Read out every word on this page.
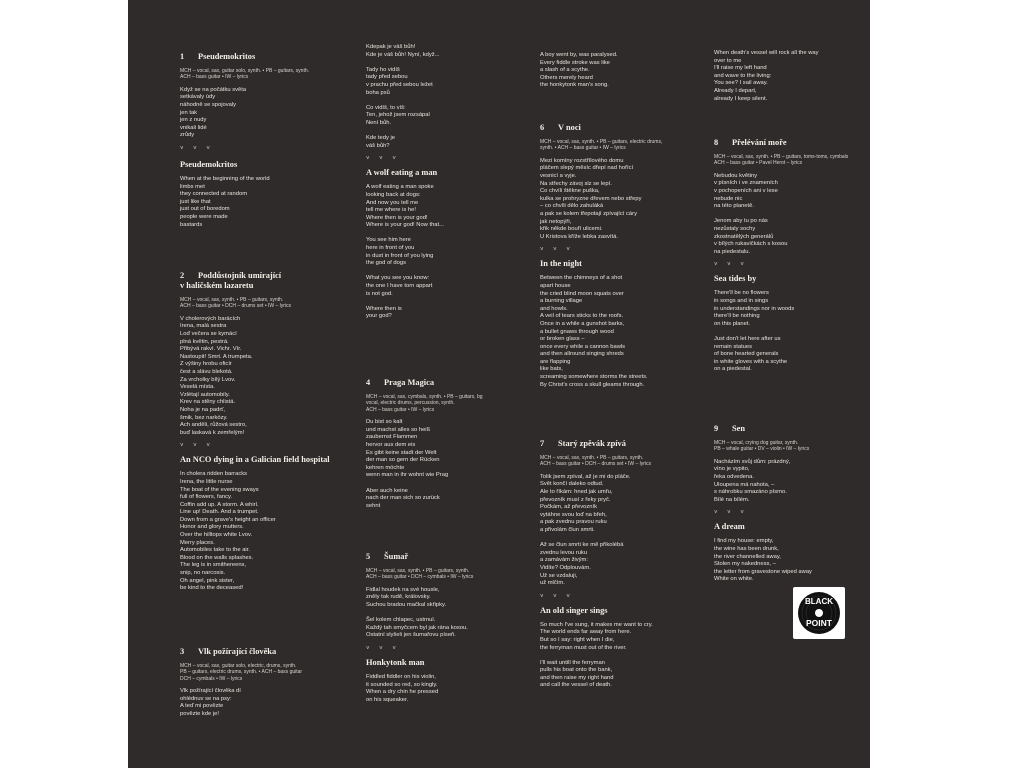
1 Pseudemokritos
MCH – vocal, sax, guitar solo, synth. • PB – guitars, synth.
ACH – bass guitar • IW – lyrics
Když se na počátku světa
setkávaly údy
náhodně se spojovaly
jen tak
jen z nudy
vnikali lidé
zrůdy
˅ ˅ ˅
Pseudemokritos
When at the beginning of the world
limbs met
they connected at random
just like that
just out of boredom
people were made
bastards
2 Poddůstojník umírající
v haličském lazaretu
MCH – vocal, sax, synth. • PB – guitars, synth.
ACH – bass guitar • DCH – drums set • IW – lyrics
V cholerových barácích
Irena, malá sestra
Loď večera se kymácí
plná květin, pestrá.
Přibývá rakví. Vichr. Vír.
Nastoupit! Smrt. A trumpeta.
Z výšiny hrobu oficír
čest a slávu blekotá.
Za vrcholky bílý Lvov.
Veselá místa.
Vzlétají automobily.
Krev na stěny chlistá.
Noha je na padrť,
šmik, bez narkózy.
Ach anděli, růžová sestro,
buď laskavá k zemřelým!
˅ ˅ ˅
An NCO dying in a Galician field hospital
In cholera ridden barracks
Irena, the little nurse
The boat of the evening sways
full of flowers, fancy.
Coffin add up. A storm. A whirl.
Line up! Death. And a trumpet.
Down from a grave's height an officer
Honor and glory mutters.
Over the hilltops white Lvov.
Merry places.
Automobiles take to the air.
Blood on the walls splashes.
The leg is in smithereens,
snip, no narcosis.
Oh angel, pink sister,
be kind to the deceased!
3 Vlk požírající člověka
MCH – vocal, sax, guitar solo, electric, drums, synth.
PB – guitars, electric drums, synth. • ACH – bass guitar
DCH – cymbals • IW – lyrics
Vlk požírající člověka dí
ohlédnuv se na psy:
A teď mi povězte
povězte kde je!
Kdepak je váš bůh!
Kde je váš bůh! Nyní, když...

Tady ho vidíš
tady před sebou
v prachu před sebou ležet
boha psů

Co vidíš, to víš:
Ten, jehož jsem rozsápal
Není bůh.

Kde tedy je
váš bůh?
˅ ˅ ˅
A wolf eating a man
A wolf eating a man spoke
looking back at dogs:
And now you tell me
tell me where is he!
Where then is your god!
Where is your god! Now that...

You see him here
here in front of you
in dust in front of you lying
the god of dogs

What you see you know:
the one I have torn appart
is not god.

Where then is
your god?
4 Praga Magica
MCH – vocal, sax, cymbals, synth. • PB – guitars, bg
vocal, electric drums, percussion, synth.
ACH – bass guitar • IW – lyrics
Du bist so kalt
und machst alles so heiß
zaubernst Flammen
hervor aus dem eis
Es gibt keine stadt der Welt
der man so gern der Rücken
kehren möchte
wenn man in ihr wohnt wie Prag

Aber auch keine
nach der man sich so zurück
sehnt
5 Šumař
MCH – vocal, sax, synth. • PB – guitars, synth.
ACH – bass guitar • DCH – cymbals • IW – lyrics
Fidlal houdek na své housle,
zněly tak rudě, královsky.
Suchou bradou mačkal skřipky.

Šel kolem chlapec, ustrnul.
Každý tah smyčcem byl jak rána kosou.
Ostatní slyšeli jen šumařovu píseň.
˅ ˅ ˅
Honkytonk man
Fiddled fiddler on his violin,
it sounded so red, so kingly.
When a dry chin he pressed
on his squeaker.
A boy went by, was paralysed.
Every fiddle stroke was like
a slash of a scythe.
Others merely heard
the honkytonk man's song.
6 V noci
MCH – vocal, sax, synth. • PB – guitars, electric drums,
synth. • ACH – bass guitar • IW – lyrics
Mezi komíny rozstřílového domu
pláčem slepý měsíc dřepí nad hořící
vesnicí a vyje.
Na střechy závoj slz se lepí.
Co chvíli štěkne puška,
kulka se prohryzne dřevem nebo střepy
– co chvíli dělo zahuláká
a pak se kolem třepotají zpívající cáry
jak netopýři,
křik někde bouří ulicemi.
U Kristova kříže lebka zasvítá.
˅ ˅ ˅
In the night
Between the chimneys of a shot
apart house
the cried blind moon squats over
a burning village
and howls.
A veil of tears sticks to the roofs.
Once in a while a gunshot barks,
a bullet gnaws through wood
or broken glass –
once every while a cannon bawls
and then allround singing shreds
are flapping
like bats,
screaming somewhere storms the streets.
By Christ's cross a skull gleams through.
7 Starý zpěvák zpívá
MCH – vocal, sax, synth. • PB – guitars, synth.
ACH – bass guitar • DCH – drums set • IW – lyrics
Tolik jsem zpíval, až je mi do pláče.
Svět končí daleko odtud.
Ale to říkám: hned jak umřu,
převozník musí z řeky pryč.
Počkám, až převozník
vytáhne svou loď na břeh,
a pak zvednu pravou ruku
a přivolám člun smrti.

Až se člun smrti ke mě přikolébá
zvednu levou ruku
a zamávám živým:
Vidíte? Odplouvám.
Už se vzdaluji,
už mlčím.
˅ ˅ ˅
An old singer sings
So much I've sung, it makes me want to cry.
The world ends far away from here.
But so I say: right when I die,
the ferryman must out of the river.

I'll wait untill the ferryman
pulls his boat onto the bank,
and then raise my right hand
and call the vessel of death.
When death's vessel will rock all the way
over to me
I'll raise my left hand
and wave to the living:
You see? I sail away.
Already I depart,
already I keep silent.
8 Přelévání moře
MCH – vocal, sax, synth. • PB – guitars, toms-toms, cymbals
ACH – bass guitar • Pavel Herot – lyrics
Nebudou květiny
v písních i ve znameních
v pochopeních ani v lese
nebude nic
na této planetě.

Jenom aby tu po nás
nezůstaly sochy
zkostnatělých generálů
v bílých rukavičkách s kosou
na piedestalu.
˅ ˅ ˅
Sea tides by
There'll be no flowers
in songs and in sings
in understandings nor in woods
there'll be nothing
on this planet.

Just don't let here after us
remain statues
of bone hearted generals
in white gloves with a scythe
on a piedestal.
9 Sen
MCH – vocal, crying dog guitar, synth.
PB – whale guitar • DV – violin • IW – lyrics
Nacházím svůj dům: prázdný,
víno je vypito,
řeka odvedena.
Uloupena má nahota, –
s náhrobku smazáno písmo.
Bílé na bílém.
˅ ˅ ˅
A dream
I find my house: empty,
the wine has been drunk,
the river channelled away,
Stolen my nakedness, –
the letter from gravestone wiped away
White on white.
BLACK
POINT
